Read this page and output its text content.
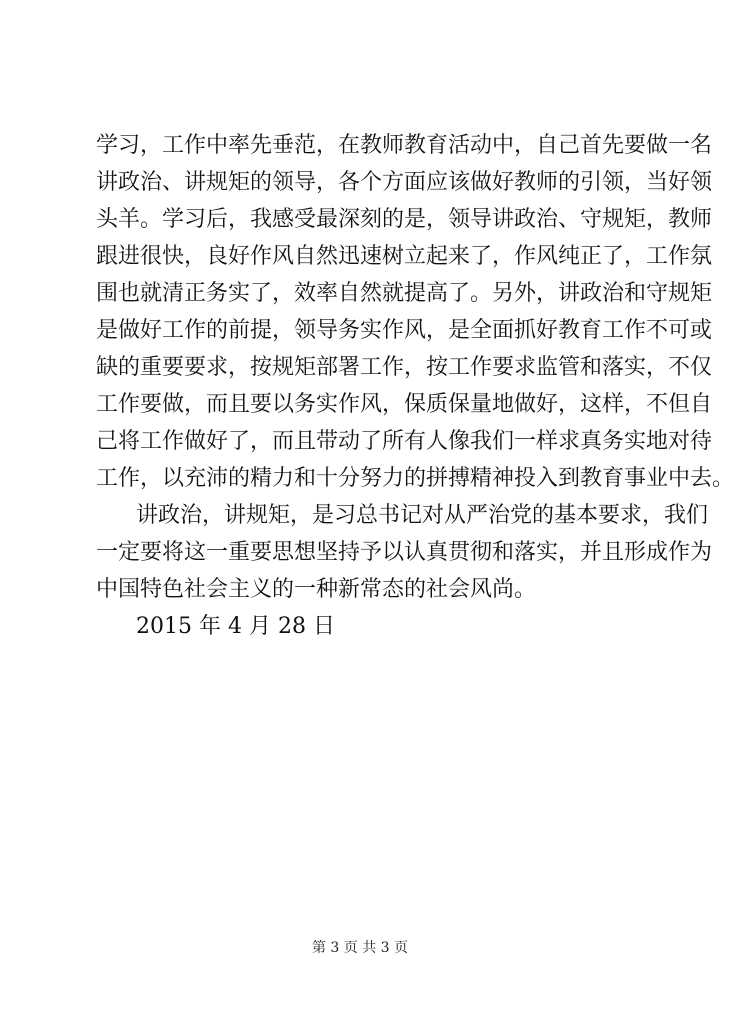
学习，工作中率先垂范，在教师教育活动中，自己首先要做一名
讲政治、讲规矩的领导，各个方面应该做好教师的引领，当好领
头羊。学习后，我感受最深刻的是，领导讲政治、守规矩，教师
跟进很快，良好作风自然迅速树立起来了，作风纯正了，工作氛
围也就清正务实了，效率自然就提高了。另外，讲政治和守规矩
是做好工作的前提，领导务实作风，是全面抓好教育工作不可或
缺的重要要求，按规矩部署工作，按工作要求监管和落实，不仅
工作要做，而且要以务实作风，保质保量地做好，这样，不但自
己将工作做好了，而且带动了所有人像我们一样求真务实地对待
工作，以充沛的精力和十分努力的拼搏精神投入到教育事业中去。
讲政治，讲规矩，是习总书记对从严治党的基本要求，我们
一定要将这一重要思想坚持予以认真贯彻和落实，并且形成作为
中国特色社会主义的一种新常态的社会风尚。
2015 年 4 月 28 日
第 3 页 共 3 页
